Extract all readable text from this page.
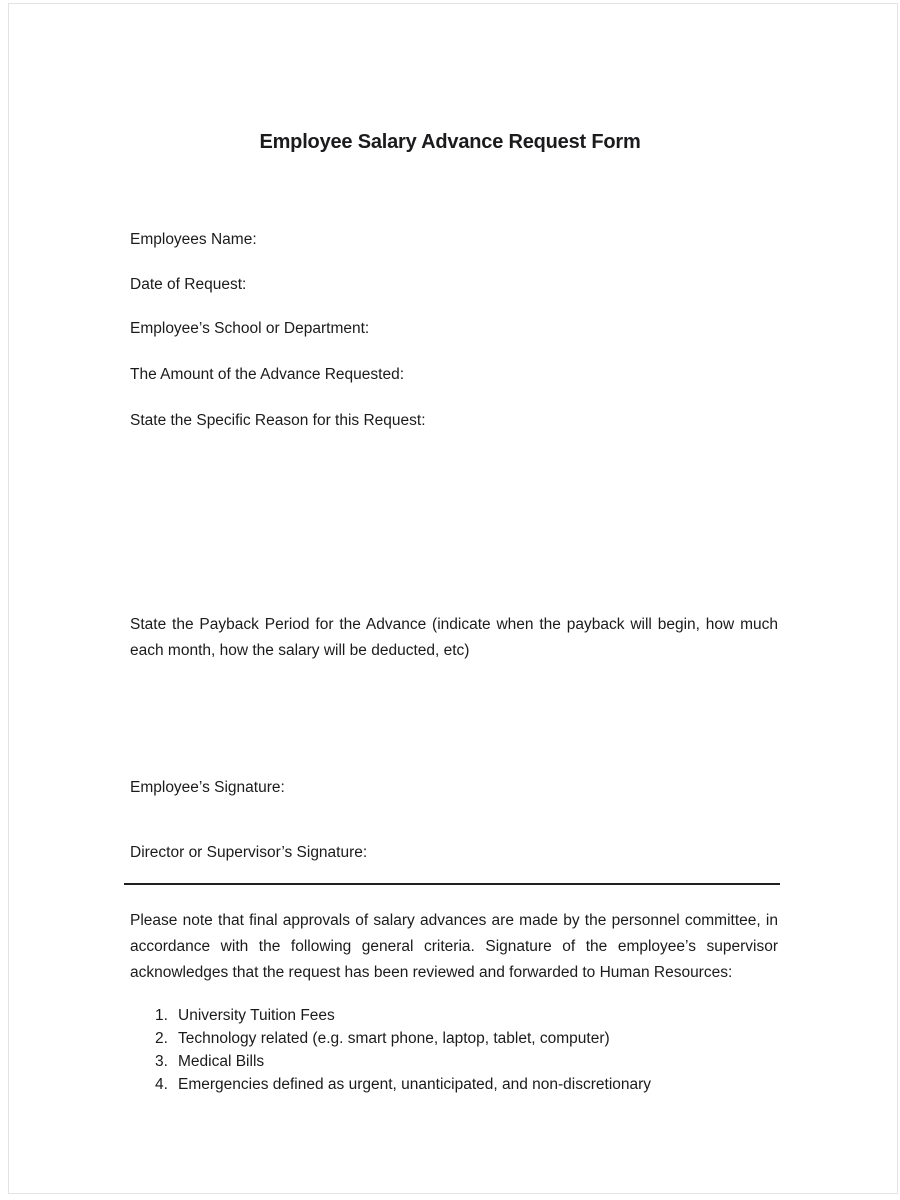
Employee Salary Advance Request Form
Employees Name:
Date of Request:
Employee’s School or Department:
The Amount of the Advance Requested:
State the Specific Reason for this Request:
State the Payback Period for the Advance (indicate when the payback will begin, how much
each month, how the salary will be deducted, etc)
Employee’s Signature:
Director or Supervisor’s Signature:
Please note that final approvals of salary advances are made by the personnel committee, in
accordance with the following general criteria. Signature of the employee’s supervisor
acknowledges that the request has been reviewed and forwarded to Human Resources:
1. University Tuition Fees
2. Technology related (e.g. smart phone, laptop, tablet, computer)
3. Medical Bills
4. Emergencies defined as urgent, unanticipated, and non-discretionary
